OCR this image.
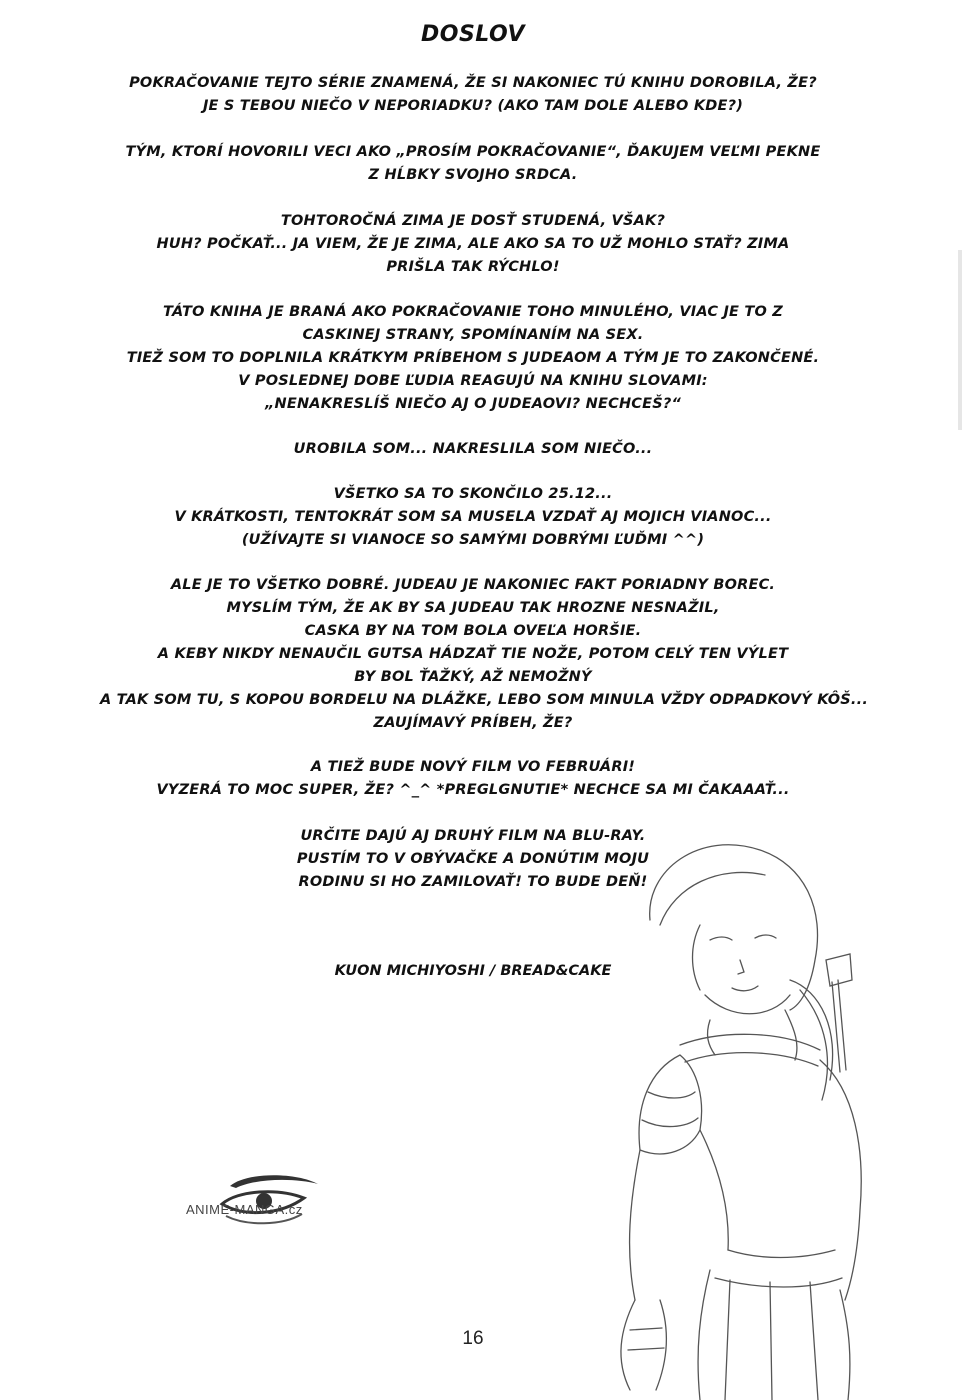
DOSLOV
POKRAČOVANIE TEJTO SÉRIE ZNAMENÁ, ŽE SI NAKONIEC TÚ KNIHU DOROBILA, ŽE?
JE S TEBOU NIEČO V NEPORIADKU? (AKO TAM DOLE ALEBO KDE?)
TÝM, KTORÍ HOVORILI VECI AKO „PROSÍM POKRAČOVANIE“, ĎAKUJEM VEĽMI PEKNE
Z HĹBKY SVOJHO SRDCA.
TOHTOROČNÁ ZIMA JE DOSŤ STUDENÁ, VŠAK?
HUH? POČKAŤ... JA VIEM, ŽE JE ZIMA, ALE AKO SA TO UŽ MOHLO STAŤ? ZIMA
PRIŠLA TAK RÝCHLO!
TÁTO KNIHA JE BRANÁ AKO POKRAČOVANIE TOHO MINULÉHO, VIAC JE TO Z
CASKINEJ STRANY, SPOMÍNANÍM NA SEX.
TIEŽ SOM TO DOPLNILA KRÁTKYM PRÍBEHOM S JUDEAOM A TÝM JE TO ZAKONČENÉ.
V POSLEDNEJ DOBE ĽUDIA REAGUJÚ NA KNIHU SLOVAMI:
„NENAKRESLÍŠ NIEČO AJ O JUDEAOVI? NECHCEŠ?“
UROBILA SOM... NAKRESLILA SOM NIEČO...
VŠETKO SA TO SKONČILO 25.12...
V KRÁTKOSTI, TENTOKRÁT SOM SA MUSELA VZDAŤ AJ MOJICH VIANOC...
(UŽÍVAJTE SI VIANOCE SO SAMÝMI DOBRÝMI ĽUĎMI ^^)
ALE JE TO VŠETKO DOBRÉ. JUDEAU JE NAKONIEC FAKT PORIADNY BOREC.
MYSLÍM TÝM, ŽE AK BY SA JUDEAU TAK HROZNE NESNAŽIL,
CASKA BY NA TOM BOLA OVEĽA HORŠIE.
A KEBY NIKDY NENAUČIL GUTSA HÁDZAŤ TIE NOŽE, POTOM CELÝ TEN VÝLET
BY BOL ŤAŽKÝ, AŽ NEMOŽNÝ
A TAK SOM TU, S KOPOU BORDELU NA DLÁŽKE, LEBO SOM MINULA VŽDY ODPADKOVÝ KÔŠ...
ZAUJÍMAVÝ PRÍBEH, ŽE?
A TIEŽ BUDE NOVÝ FILM VO FEBRUÁRI!
VYZERÁ TO MOC SUPER, ŽE? ^_^ *PREGLGNUTIE* NECHCE SA MI ČAKAAAŤ...
URČITE DAJÚ AJ DRUHÝ FILM NA BLU-RAY.
PUSTÍM TO V OBÝVAČKE A DONÚTIM MOJU
RODINU SI HO ZAMILOVAŤ! TO BUDE DEŇ!
KUON MICHIYOSHI / BREAD&CAKE
ANIME-MANGA.cz
16
